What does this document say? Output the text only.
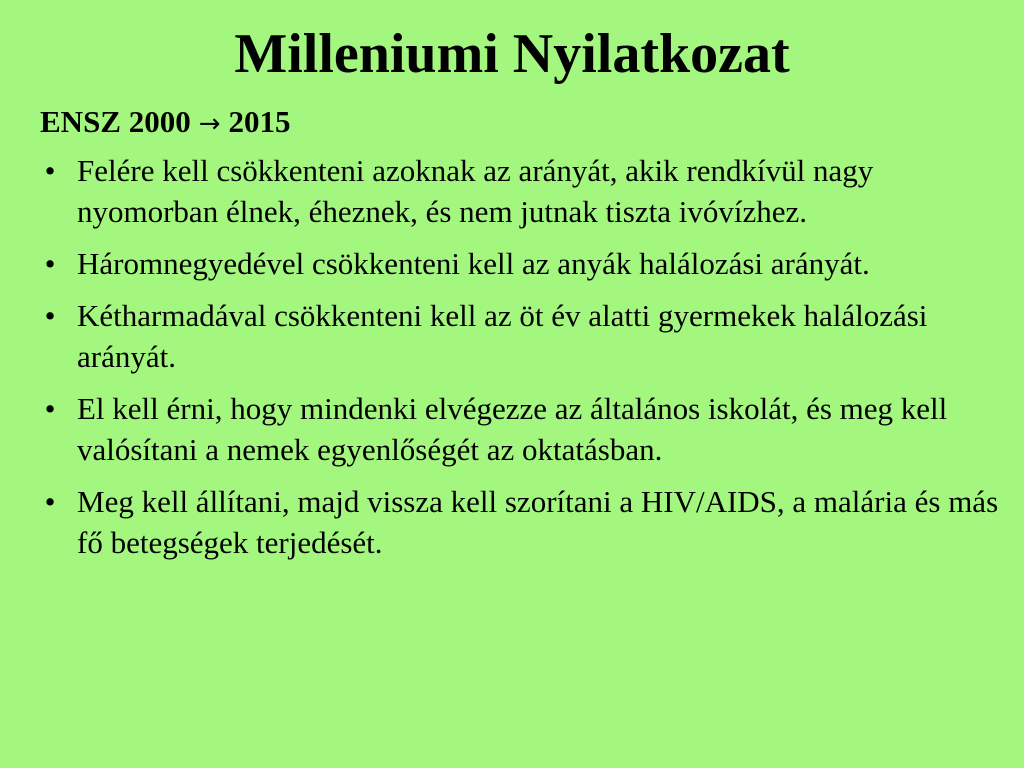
Milleniumi Nyilatkozat
ENSZ 2000 → 2015
• Felére kell csökkenteni azoknak az arányát, akik rendkívül nagy nyomorban élnek, éheznek, és nem jutnak tiszta ivóvízhez.
• Háromnegyedével csökkenteni kell az anyák halálozási arányát.
• Kétharmadával csökkenteni kell az öt év alatti gyermekek halálozási arányát.
• El kell érni, hogy mindenki elvégezze az általános iskolát, és meg kell valósítani a nemek egyenlőségét az oktatásban.
• Meg kell állítani, majd vissza kell szorítani a HIV/AIDS, a malária és más fő betegségek terjedését.
